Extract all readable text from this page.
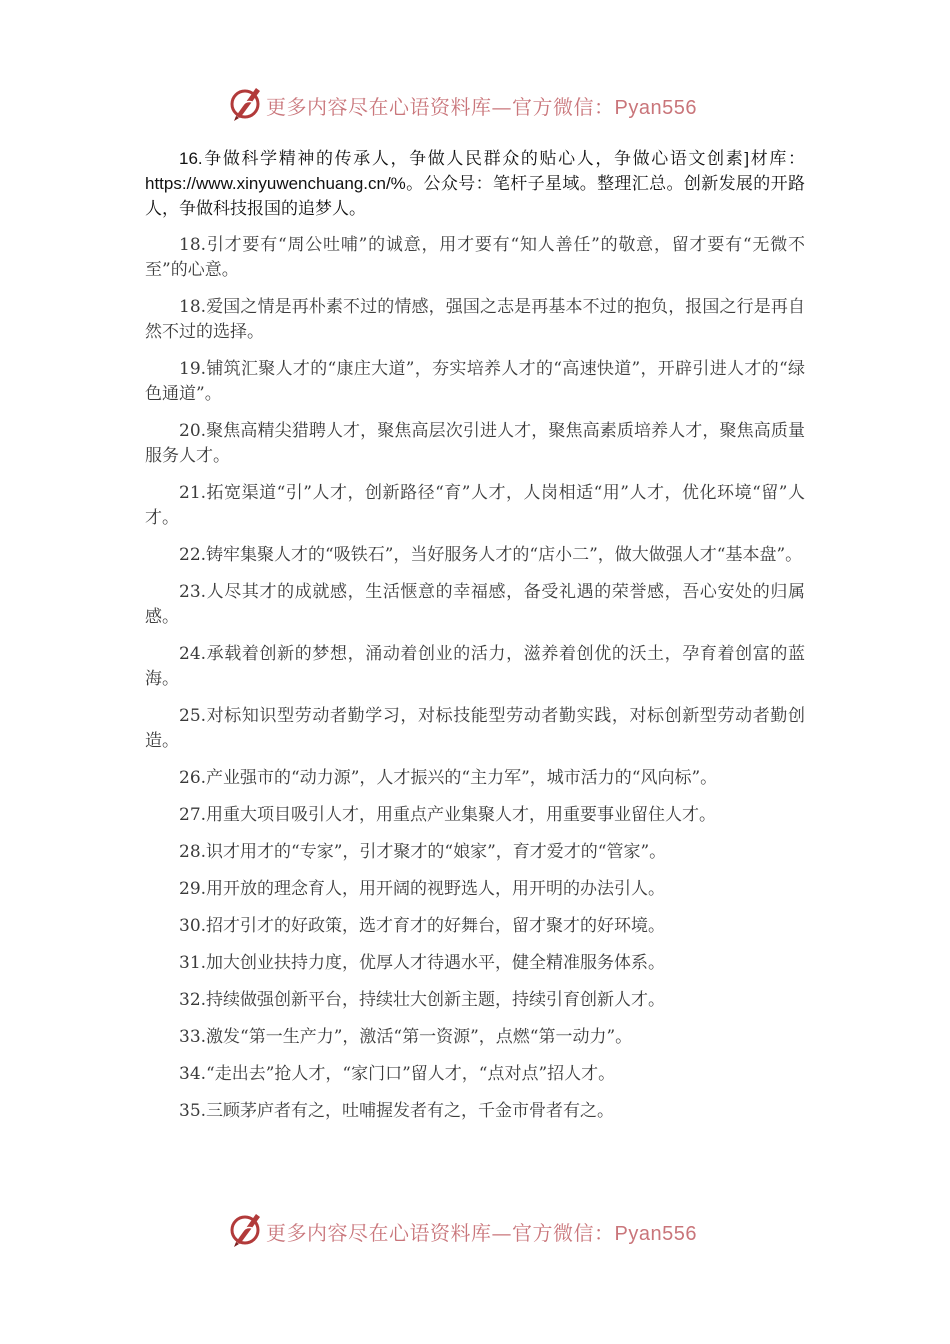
更多内容尽在心语资料库—官方微信：Pyan556

16.争做科学精神的传承人，争做人民群众的贴心人，争做心语文创素]材库：https://www.xinyuwenchuang.cn/%。公众号：笔杆子星域。整理汇总。创新发展的开路人，争做科技报国的追梦人。

18.引才要有“周公吐哺”的诚意，用才要有“知人善任”的敬意，留才要有“无微不至”的心意。

18.爱国之情是再朴素不过的情感，强国之志是再基本不过的抱负，报国之行是再自然不过的选择。

19.铺筑汇聚人才的“康庄大道”，夯实培养人才的“高速快道”，开辟引进人才的“绿色通道”。

20.聚焦高精尖猎聘人才，聚焦高层次引进人才，聚焦高素质培养人才，聚焦高质量服务人才。

21.拓宽渠道“引”人才，创新路径“育”人才，人岗相适“用”人才，优化环境“留”人才。

22.铸牢集聚人才的“吸铁石”，当好服务人才的“店小二”，做大做强人才“基本盘”。

23.人尽其才的成就感，生活惬意的幸福感，备受礼遇的荣誉感，吾心安处的归属感。

24.承载着创新的梦想，涌动着创业的活力，滋养着创优的沃土，孕育着创富的蓝海。

25.对标知识型劳动者勤学习，对标技能型劳动者勤实践，对标创新型劳动者勤创造。

26.产业强市的“动力源”，人才振兴的“主力军”，城市活力的“风向标”。

27.用重大项目吸引人才，用重点产业集聚人才，用重要事业留住人才。

28.识才用才的“专家”，引才聚才的“娘家”，育才爱才的“管家”。

29.用开放的理念育人，用开阔的视野选人，用开明的办法引人。

30.招才引才的好政策，选才育才的好舞台，留才聚才的好环境。

31.加大创业扶持力度，优厚人才待遇水平，健全精准服务体系。

32.持续做强创新平台，持续壮大创新主题，持续引育创新人才。

33.激发“第一生产力”，激活“第一资源”，点燃“第一动力”。

34.“走出去”抢人才，“家门口”留人才，“点对点”招人才。

35.三顾茅庐者有之，吐哺握发者有之，千金市骨者有之。

更多内容尽在心语资料库—官方微信：Pyan556
